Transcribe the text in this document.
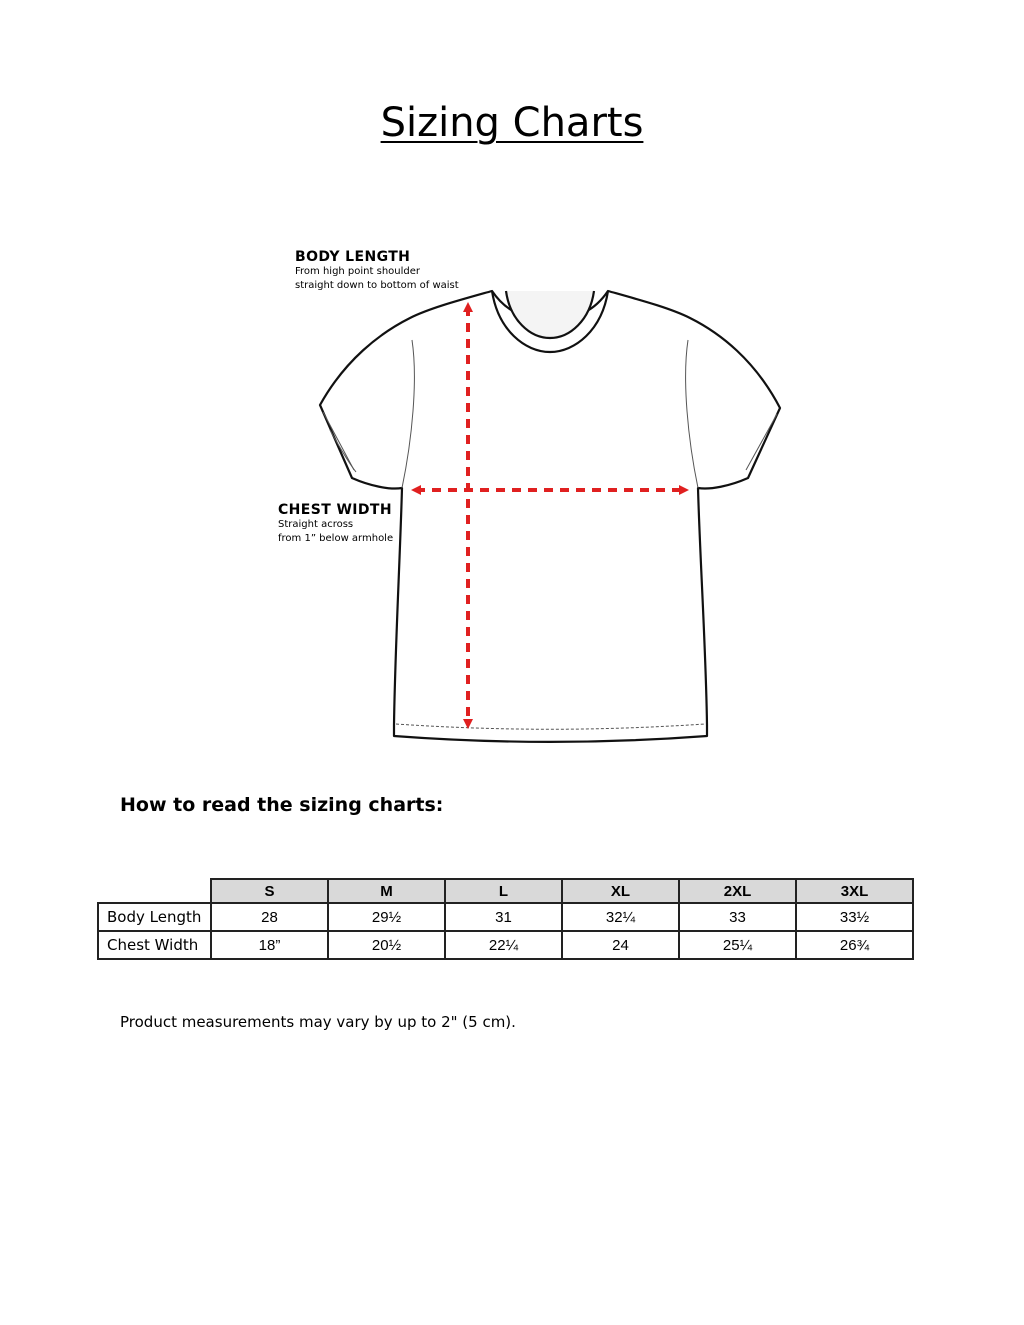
Sizing Charts
BODY LENGTH
From high point shoulder
straight down to bottom of waist
CHEST WIDTH
Straight across
from 1” below armhole
How to read the sizing charts:
	S	M	L	XL	2XL	3XL
Body Length	28	29½	31	32¼	33	33½
Chest Width	18”	20½	22¼	24	25¼	26¾
Product measurements may vary by up to 2" (5 cm).
